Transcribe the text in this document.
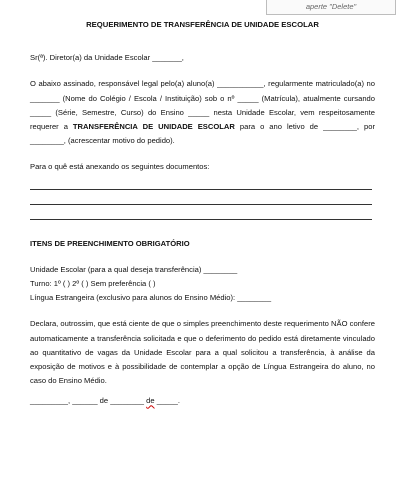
aperte "Delete"
REQUERIMENTO DE TRANSFERÊNCIA DE UNIDADE ESCOLAR

Sr(ª). Diretor(a) da Unidade Escolar _______,

O abaixo assinado, responsável legal pelo(a) aluno(a) ___________, regularmente matriculado(a) no _______ (Nome do Colégio / Escola / Instituição) sob o nº _____ (Matrícula), atualmente cursando _____ (Série, Semestre, Curso) do Ensino _____ nesta Unidade Escolar, vem respeitosamente requerer a TRANSFERÊNCIA DE UNIDADE ESCOLAR para o ano letivo de ________, por ________, (acrescentar motivo do pedido).

Para o quê está anexando os seguintes documentos:

ITENS DE PREENCHIMENTO OBRIGATÓRIO

Unidade Escolar (para a qual deseja transferência) ________

Turno: 1º ( ) 2º ( ) Sem preferência ( )

Língua Estrangeira (exclusivo para alunos do Ensino Médio): ________

Declara, outrossim, que está ciente de que o simples preenchimento deste requerimento NÃO confere automaticamente a transferência solicitada e que o deferimento do pedido está diretamente vinculado ao quantitativo de vagas da Unidade Escolar para a qual solicitou a transferência, à análise da exposição de motivos e à possibilidade de contemplar a opção de Língua Estrangeira do aluno, no caso do Ensino Médio.

_________, ______ de ________ de _____.
